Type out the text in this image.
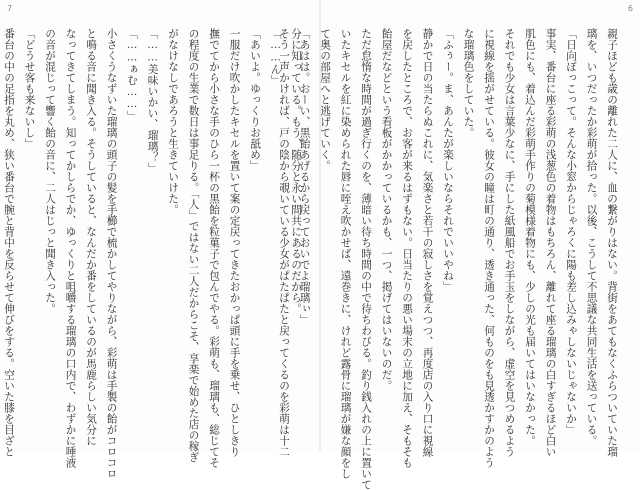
7	6
親子ほども歳の離れた二人に、血の繋がりはない。背街をあてもなくふらついていた瑠
璃を、いつだったか彩萌が拾った。以後、こうして不思議な共同生活を送っている。
「日向ぼっこって。そんな小窓からじゃろくに陽も差し込みゃしないじゃないか」
事実、番台に座る彩萌の浅葱色の着物はもちろん、離れて座る瑠璃の白すぎるほど白い
肌色にも、着込んだ彩萌手作りの菊模様着物にも、少しの光も届いてはいなかった。
それでも少女は言葉少なに、手にした紙風船でお手玉をしながら、虚空を見つめるよう
に視線を揺がせている。彼女の瞳は町の通り、透き通った、何ものをも見透かすかのよう
な瑠璃色をしていた。
「ふぅー。ま、あんたが楽しいならそれでいいやね」
静かで日の当たらぬこれに、気楽さと若干の寂しさを覚えつつ、再度店の入り口に視線
を戻したところで、お客が来るはずもない。日当たりの悪い場末の立地に加え、そもそも
飴屋だなどという看板がかかっているかも、一つ、掲げてはいないのだ。
ただ怠惰な時間が過ぎ行くのを、薄暗い待ち時間の中で待ちわびる。釣り銭入れの上に置いて
いたキセルを紅に染められた唇に咥え吹かせば、遠巻きに、けれど露骨に瑠璃が嫌な顔をし
て奥の部屋へと逃げていく。
「あはは。おーい、黒飴あげるから戻っておいでよ瑠璃ぃ」
そう一声かければ、戸の陰から覗いている少女がぱたぱたと戻ってくるのを彩萌は十二 分に知っている。もう、随分と永い間共にあるのだから。
「……ん」
「あいよ。ゆっくりお舐め」
一服だけ吹かしたキセルを置いて案の定戻ってきたおかっぱ頭に手を乗せ、ひとしきり
撫でてから小さな手のひら一杯の黒飴を粒菓子で包んでやる。彩萌も、瑠璃も、総じてそ
の程度の生業で数日は事足りる。「人」ではない二人だからこそ、享楽で始めた店の稼ぎ
がなけなしであろうと生きていけた。
「……美味いかい、瑠璃？」
「……ぁむ……」
小さくうなずいた瑠璃の頭子の髪を手櫛で梳かしてやりながら、彩萌は手製の飴がコロコロ
と鳴る音に聞き入る。そうしていると、なんだか番をしているのが馬鹿らしい気分に
なってきてしまう。知ってかしらでか、ゆっくりと咀嚼する瑠璃の口内で、わずかに唾液
の音が混じって響く飴の音に、二人はじっと聞き入った。
「どうせ客も来ないし」
番台の中の足指を丸め、狭い番台で腕と背中を反らせて伸びをする。空いた膝を目ざと
